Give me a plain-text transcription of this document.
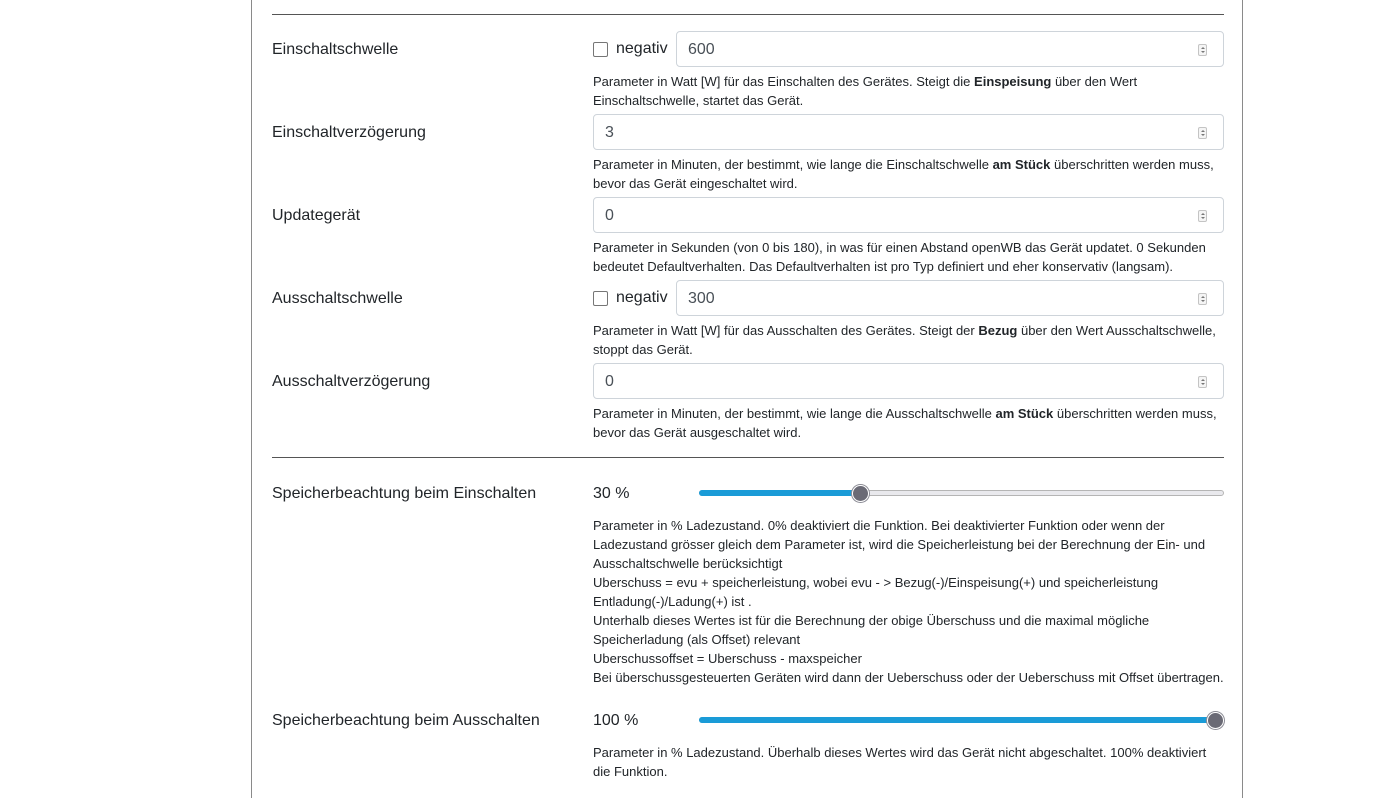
Einschaltschwelle	negativ 600
Parameter in Watt [W] für das Einschalten des Gerätes. Steigt die Einspeisung über den Wert Einschaltschwelle, startet das Gerät.
Einschaltverzögerung	3
Parameter in Minuten, der bestimmt, wie lange die Einschaltschwelle am Stück überschritten werden muss, bevor das Gerät eingeschaltet wird.
Updategerät	0
Parameter in Sekunden (von 0 bis 180), in was für einen Abstand openWB das Gerät updatet. 0 Sekunden bedeutet Defaultverhalten. Das Defaultverhalten ist pro Typ definiert und eher konservativ (langsam).
Ausschaltschwelle	negativ 300
Parameter in Watt [W] für das Ausschalten des Gerätes. Steigt der Bezug über den Wert Ausschaltschwelle, stoppt das Gerät.
Ausschaltverzögerung	0
Parameter in Minuten, der bestimmt, wie lange die Ausschaltschwelle am Stück überschritten werden muss, bevor das Gerät ausgeschaltet wird.
Speicherbeachtung beim Einschalten	30 %
Parameter in % Ladezustand. 0% deaktiviert die Funktion. Bei deaktivierter Funktion oder wenn der Ladezustand grösser gleich dem Parameter ist, wird die Speicherleistung bei der Berechnung der Ein- und Ausschaltschwelle berücksichtigt
Uberschuss = evu + speicherleistung, wobei evu - > Bezug(-)/Einspeisung(+) und speicherleistung Entladung(-)/Ladung(+) ist .
Unterhalb dieses Wertes ist für die Berechnung der obige Überschuss und die maximal mögliche Speicherladung (als Offset) relevant
Uberschussoffset = Uberschuss - maxspeicher
Bei überschussgesteuerten Geräten wird dann der Ueberschuss oder der Ueberschuss mit Offset übertragen.
Speicherbeachtung beim Ausschalten	100 %
Parameter in % Ladezustand. Überhalb dieses Wertes wird das Gerät nicht abgeschaltet. 100% deaktiviert die Funktion.
